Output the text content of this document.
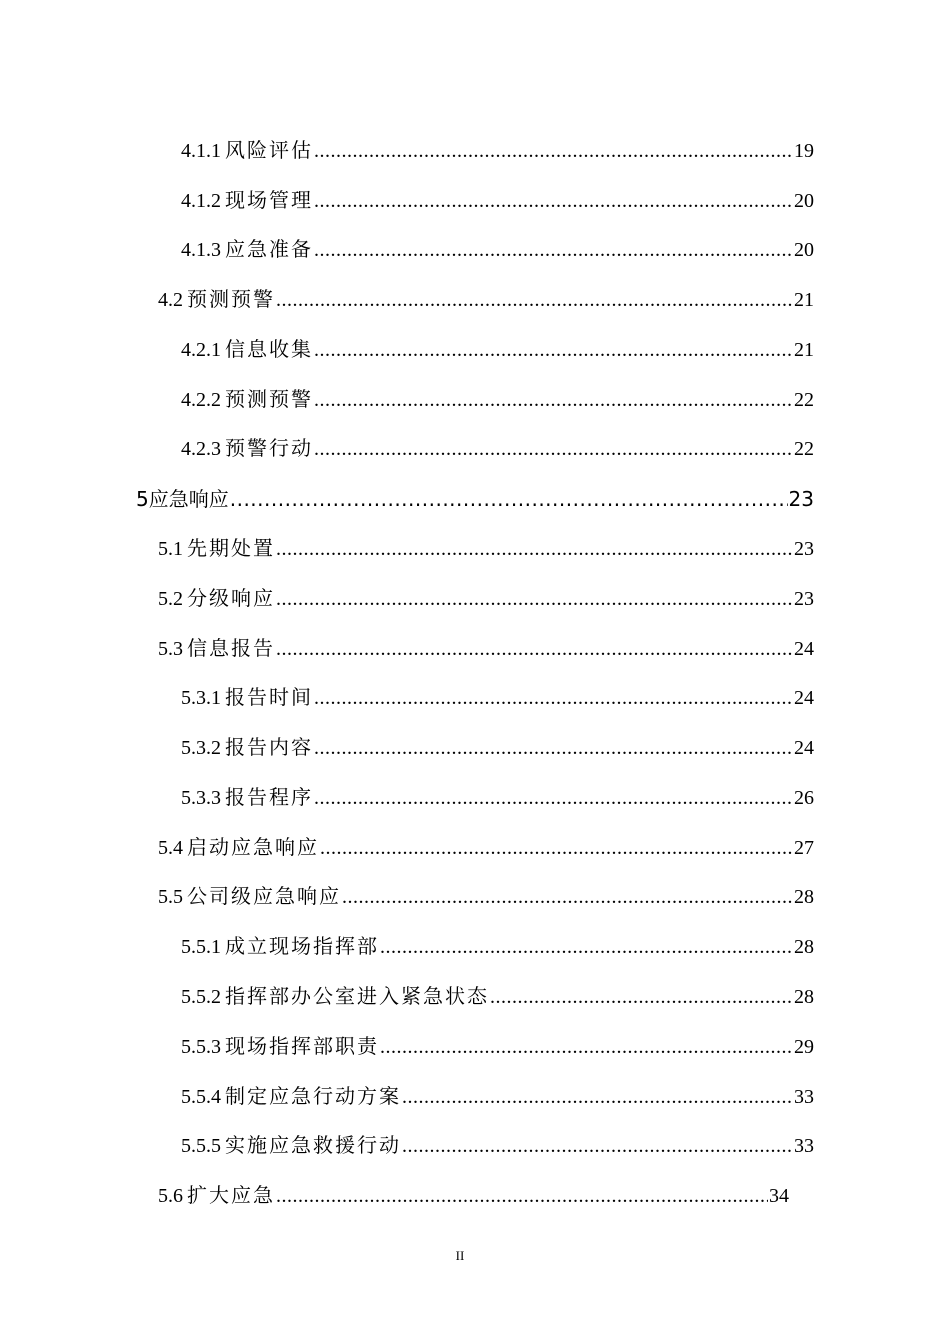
4.1.1 风险评估 .....	19
4.1.2 现场管理 .....	20
4.1.3 应急准备 .....	20
4.2 预测预警 .....	21
4.2.1 信息收集 .....	21
4.2.2 预测预警 .....	22
4.2.3 预警行动 .....	22
5 应急响应 .....	23
5.1 先期处置 .....	23
5.2 分级响应 .....	23
5.3 信息报告 .....	24
5.3.1 报告时间 .....	24
5.3.2 报告内容 .....	24
5.3.3 报告程序 .....	26
5.4 启动应急响应 .....	27
5.5 公司级应急响应 .....	28
5.5.1 成立现场指挥部 .....	28
5.5.2 指挥部办公室进入紧急状态 .....	28
5.5.3 现场指挥部职责 .....	29
5.5.4 制定应急行动方案 .....	33
5.5.5 实施应急救援行动 .....	33
5.6 扩大应急 .....	34
II
